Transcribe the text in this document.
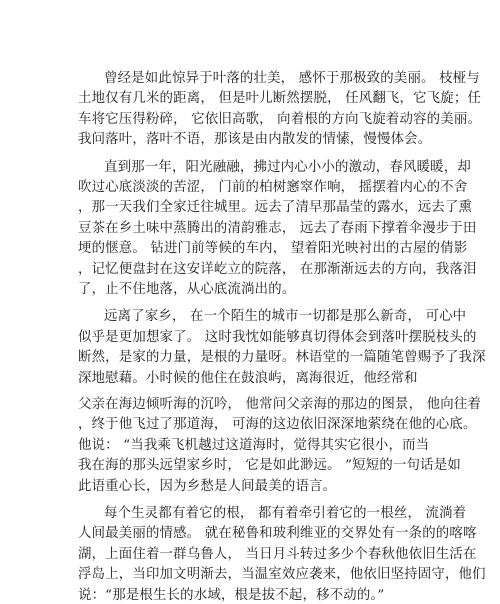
曾经是如此惊异于叶落的壮美， 感怀于那极致的美丽。 枝桠与
土地仅有几米的距离， 但是叶儿断然摆脱， 任风翻飞，它飞旋；任
车将它压得粉碎， 它依旧高歌， 向着根的方向飞旋着动容的美丽。
我问落叶，落叶不语，那该是由内散发的情愫，慢慢体会。
直到那一年，阳光融融，拂过内心小小的激动，春风暖暖，却
吹过心底淡淡的苦涩， 门前的柏树窸窣作响， 摇摆着内心的不舍
，那一天我们全家迁往城里。远去了清早那晶莹的露水，远去了熏
豆茶在乡土味中蒸腾出的清韵雅志， 远去了春雨下撑着伞漫步于田
埂的惬意。 钻进门前等候的车内， 望着阳光映衬出的古屋的倩影
，记忆便盘封在这安详屹立的院落， 在那渐渐远去的方向，我落泪
了，止不住地落，从心底流淌出的。
远离了家乡， 在一个陌生的城市一切都是那么新奇， 可心中
似乎是更加想家了。 这时我忱如能够真切得体会到落叶摆脱枝头的
断然，是家的力量，是根的力量呀。林语堂的一篇随笔曾赐予了我深
深地慰藉。小时候的他住在鼓浪屿，离海很近，他经常和
父亲在海边倾听海的沉吟， 他常问父亲海的那边的图景， 他向往着
，终于他飞过了那道海， 可海的这边依旧深深地萦绕在他的心底。
他说： “当我乘飞机越过这道海时，觉得其实它很小，而当
我在海的那头远望家乡时， 它是如此渺远。 ”短短的一句话是如
此语重心长，因为乡愁是人间最美的语言。
每个生灵都有着它的根， 都有着牵引着它的一根丝， 流淌着
人间最美丽的情感。 就在秘鲁和玻利维亚的交界处有一条的的喀喀
湖，上面住着一群乌鲁人， 当日月斗转过多少个春秋他依旧生活在
浮岛上，当印加文明渐去，当温室效应袭来，他依旧坚持固守，他们
说：“那是根生长的水域，根是拔不起，移不动的。”
